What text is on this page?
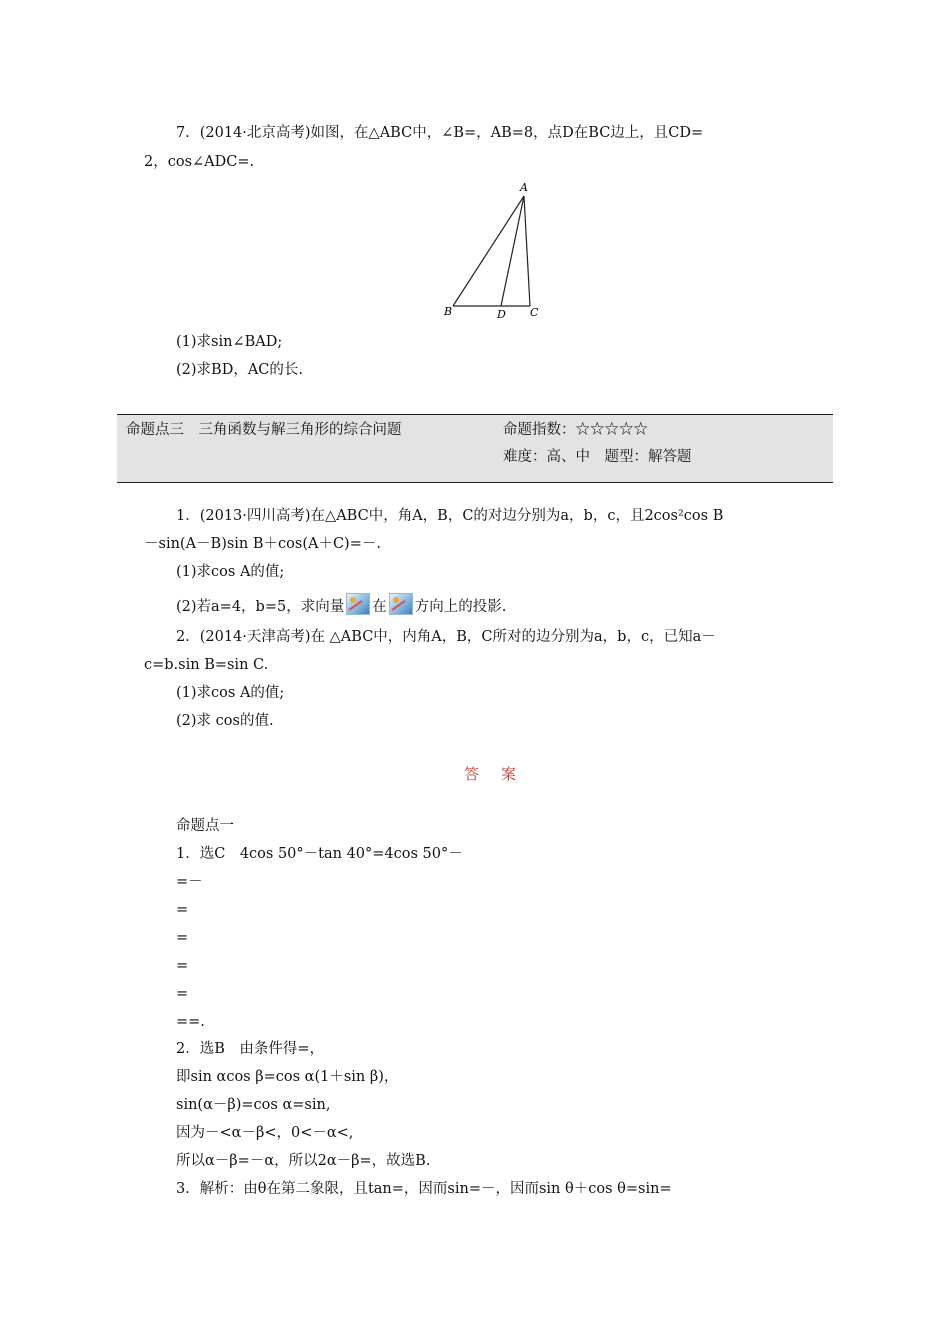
7．(2014·北京高考)如图，在△ABC中，∠B=，AB=8，点D在BC边上，且CD=
2，cos∠ADC=.
A
B	D C
(1)求sin∠BAD;
(2)求BD，AC的长.
命题点三　三角函数与解三角形的综合问题	命题指数：☆☆☆☆☆
难度：高、中　题型：解答题
1．(2013·四川高考)在△ABC中，角A，B，C的对边分别为a，b，c，且2cos²cos B
－sin(A－B)sin B＋cos(A＋C)=－.
(1)求cos A的值;
(2)若a=4，b=5，求向量 在 方向上的投影.
2．(2014·天津高考)在 △ABC中，内角A，B，C所对的边分别为a，b，c，已知a－
c=b.sin B=sin C.
(1)求cos A的值;
(2)求 cos的值.
答案
命题点一
1．选C　4cos 50°－tan 40°=4cos 50°－
=－
=
=
=
=
==.
2．选B　由条件得=，
即sin αcos β=cos α(1＋sin β)，
sin(α－β)=cos α=sin,
因为－<α－β<，0<－α<,
所以α－β=－α，所以2α－β=，故选B.
3．解析：由θ在第二象限，且tan=，因而sin=－，因而sin θ＋cos θ=sin=
